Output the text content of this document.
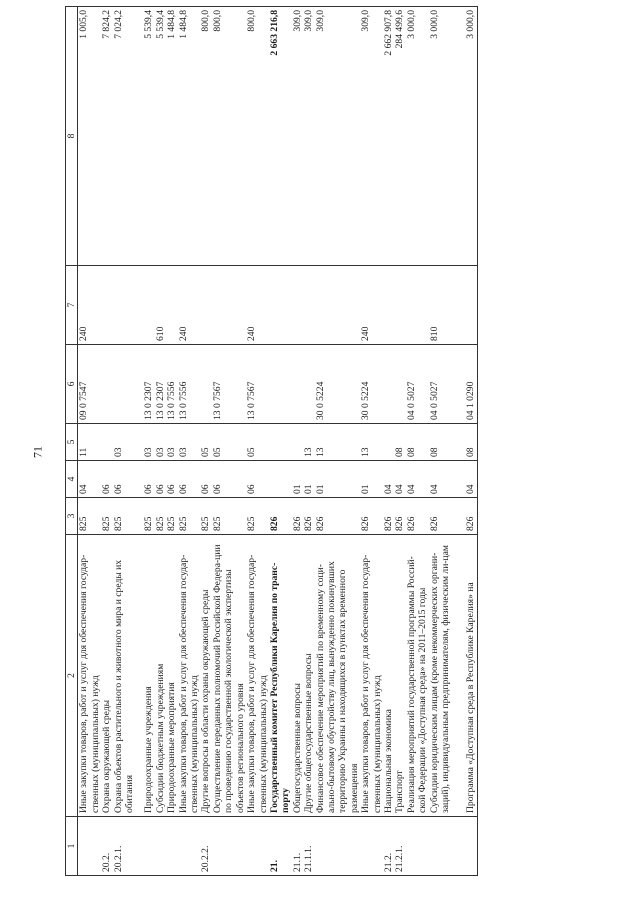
71
1	2	3	4	5	6	7	8
	Иные закупки товаров, работ и услуг для обеспечения государ-ственных (муниципальных) нужд	825	04	11	09 0 7547	240	1 005,0
20.2.	Охрана окружающей среды	825	06				7 824,2
20.2.1.	Охрана объектов растительного и животного мира и среды их обитания	825	06	03			7 024,2
	Природоохранные учреждения	825	06	03	13 0 2307		5 539,4
	Субсидии бюджетным учреждениям	825	06	03	13 0 2307	610	5 539,4
	Природоохранные мероприятия	825	06	03	13 0 7556		1 484,8
	Иные закупки товаров, работ и услуг для обеспечения государ-ственных (муниципальных) нужд	825	06	03	13 0 7556	240	1 484,8
20.2.2.	Другие вопросы в области охраны окружающей среды	825	06	05			800,0
	Осуществление переданных полномочий Российской Федера-ции по проведению государственной экологической экспертизы объектов регионального уровня	825	06	05	13 0 7567		800,0
	Иные закупки товаров, работ и услуг для обеспечения государ-ственных (муниципальных) нужд	825	06	05	13 0 7567	240	800,0
21.	Государственный комитет Республики Карелия по транс-порту	826					2 663 216,8
21.1.	Общегосударственные вопросы	826	01				309,0
21.1.1.	Другие общегосударственные вопросы	826	01	13			309,0
	Финансовое обеспечение мероприятий по временному соци-ально-бытовому обустройству лиц, вынужденно покинувших территорию Украины и находящихся в пунктах временного размещения	826	01	13	30 0 5224		309,0
	Иные закупки товаров, работ и услуг для обеспечения государ-ственных (муниципальных) нужд	826	01	13	30 0 5224	240	309,0
21.2.	Национальная экономика	826	04				2 662 907,8
21.2.1.	Транспорт	826	04	08			284 499,6
	Реализация мероприятий государственной программы Россий-ской Федерации «Доступная среда» на 2011–2015 годы	826	04	08	04 0 5027		3 000,0
	Субсидии юридическим лицам (кроме некоммерческих органи-заций), индивидуальным предпринимателям, физическим ли-цам	826	04	08	04 0 5027	810	3 000,0
	Программа «Доступная среда в Республике Карелия» на	826	04	08	04 1 0290		3 000,0
